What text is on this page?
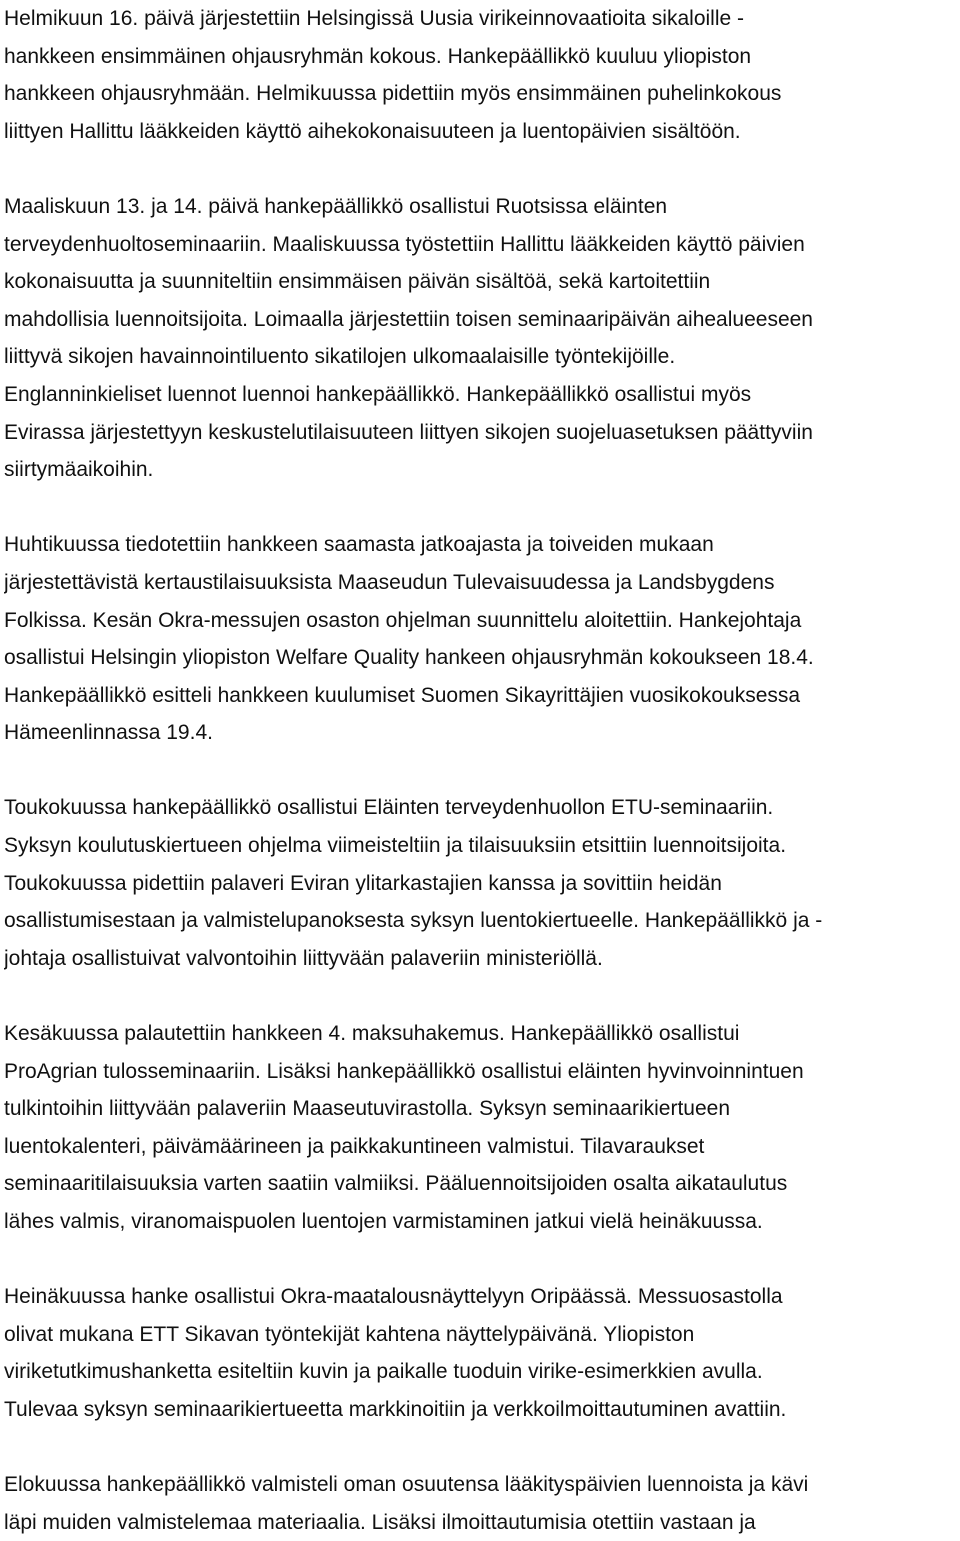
Helmikuun 16. päivä järjestettiin Helsingissä Uusia virikeinnovaatioita sikaloille -
hankkeen ensimmäinen ohjausryhmän kokous. Hankepäällikkö kuuluu yliopiston
hankkeen ohjausryhmään. Helmikuussa pidettiin myös ensimmäinen puhelinkokous
liittyen Hallittu lääkkeiden käyttö aihekokonaisuuteen ja luentopäivien sisältöön.
Maaliskuun 13. ja 14. päivä hankepäällikkö osallistui Ruotsissa eläinten
terveydenhuoltoseminaariin. Maaliskuussa työstettiin Hallittu lääkkeiden käyttö päivien
kokonaisuutta ja suunniteltiin ensimmäisen päivän sisältöä, sekä kartoitettiin
mahdollisia luennoitsijoita. Loimaalla järjestettiin toisen seminaaripäivän aihealueeseen
liittyvä sikojen havainnointiluento sikatilojen ulkomaalaisille työntekijöille.
Englanninkieliset luennot luennoi hankepäällikkö. Hankepäällikkö osallistui myös
Evirassa järjestettyyn keskustelutilaisuuteen liittyen sikojen suojeluasetuksen päättyviin
siirtymäaikoihin.
Huhtikuussa tiedotettiin hankkeen saamasta jatkoajasta ja toiveiden mukaan
järjestettävistä kertaustilaisuuksista Maaseudun Tulevaisuudessa ja Landsbygdens
Folkissa. Kesän Okra-messujen osaston ohjelman suunnittelu aloitettiin. Hankejohtaja
osallistui Helsingin yliopiston Welfare Quality hankeen ohjausryhmän kokoukseen 18.4.
Hankepäällikkö esitteli hankkeen kuulumiset Suomen Sikayrittäjien vuosikokouksessa
Hämeenlinnassa 19.4.
Toukokuussa hankepäällikkö osallistui Eläinten terveydenhuollon ETU-seminaariin.
Syksyn koulutuskiertueen ohjelma viimeisteltiin ja tilaisuuksiin etsittiin luennoitsijoita.
Toukokuussa pidettiin palaveri Eviran ylitarkastajien kanssa ja sovittiin heidän
osallistumisestaan ja valmistelupanoksesta syksyn luentokiertueelle. Hankepäällikkö ja -
johtaja osallistuivat valvontoihin liittyvään palaveriin ministeriöllä.
Kesäkuussa palautettiin hankkeen 4. maksuhakemus. Hankepäällikkö osallistui
ProAgrian tulosseminaariin. Lisäksi hankepäällikkö osallistui eläinten hyvinvoinnintuen
tulkintoihin liittyvään palaveriin Maaseutuvirastolla. Syksyn seminaarikiertueen
luentokalenteri, päivämäärineen ja paikkakuntineen valmistui. Tilavaraukset
seminaaritilaisuuksia varten saatiin valmiiksi. Pääluennoitsijoiden osalta aikataulutus
lähes valmis, viranomaispuolen luentojen varmistaminen jatkui vielä heinäkuussa.
Heinäkuussa hanke osallistui Okra-maatalousnäyttelyyn Oripäässä. Messuosastolla
olivat mukana ETT Sikavan työntekijät kahtena näyttelypäivänä. Yliopiston
viriketutkimushanketta esiteltiin kuvin ja paikalle tuoduin virike-esimerkkien avulla.
Tulevaa syksyn seminaarikiertueetta markkinoitiin ja verkkoilmoittautuminen avattiin.
Elokuussa hankepäällikkö valmisteli oman osuutensa lääkityspäivien luennoista ja kävi
läpi muiden valmistelemaa materiaalia. Lisäksi ilmoittautumisia otettiin vastaan ja
